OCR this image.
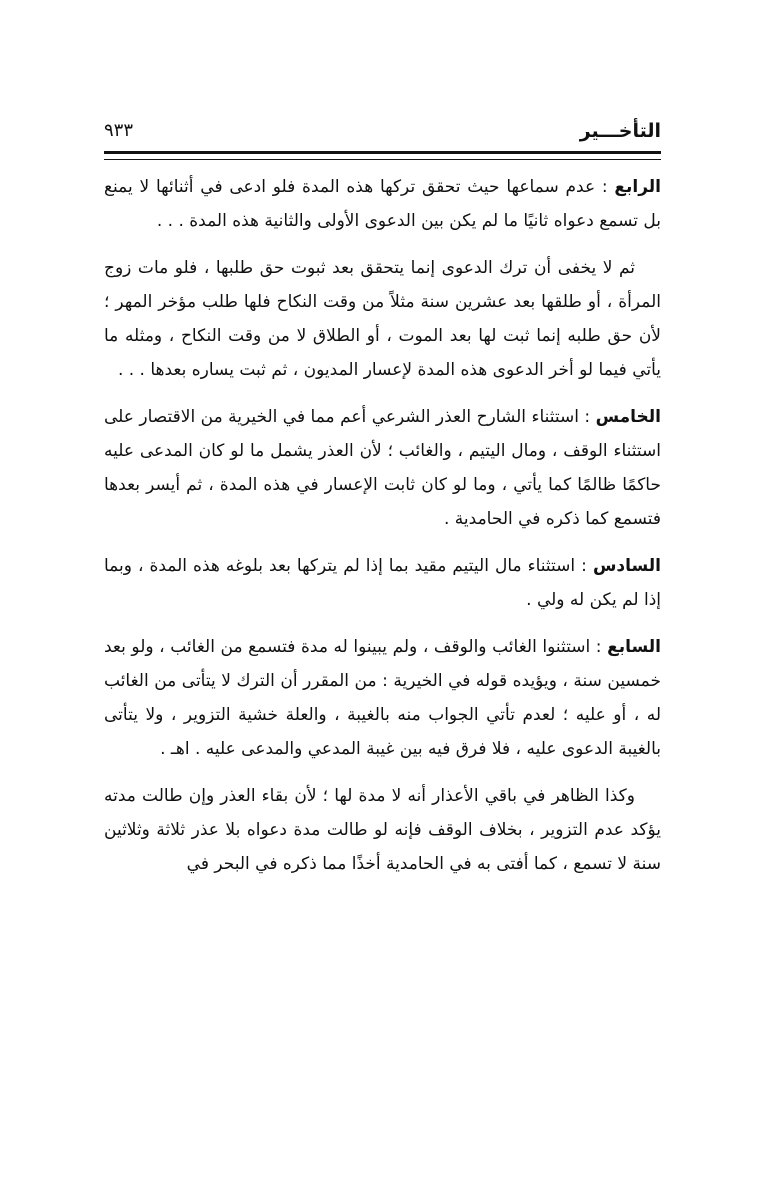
التأخـــير
٩٣٣

الرابع : عدم سماعها حيث تحقق تركها هذه المدة فلو ادعى في أثنائها لا يمنع بل تسمع دعواه ثانيًا ما لم يكن بين الدعوى الأولى والثانية هذه المدة . . .

ثم لا يخفى أن ترك الدعوى إنما يتحقق بعد ثبوت حق طلبها ، فلو مات زوج المرأة ، أو طلقها بعد عشرين سنة مثلاً من وقت النكاح فلها طلب مؤخر المهر ؛ لأن حق طلبه إنما ثبت لها بعد الموت ، أو الطلاق لا من وقت النكاح ، ومثله ما يأتي فيما لو أخر الدعوى هذه المدة لإعسار المديون ، ثم ثبت يساره بعدها . . .

الخامس : استثناء الشارح العذر الشرعي أعم مما في الخيرية من الاقتصار على استثناء الوقف ، ومال اليتيم ، والغائب ؛ لأن العذر يشمل ما لو كان المدعى عليه حاكمًا ظالمًا كما يأتي ، وما لو كان ثابت الإعسار في هذه المدة ، ثم أيسر بعدها فتسمع كما ذكره في الحامدية .

السادس : استثناء مال اليتيم مقيد بما إذا لم يتركها بعد بلوغه هذه المدة ، وبما إذا لم يكن له ولي .

السابع : استثنوا الغائب والوقف ، ولم يبينوا له مدة فتسمع من الغائب ، ولو بعد خمسين سنة ، ويؤيده قوله في الخيرية : من المقرر أن الترك لا يتأتى من الغائب له ، أو عليه ؛ لعدم تأتي الجواب منه بالغيبة ، والعلة خشية التزوير ، ولا يتأتى بالغيبة الدعوى عليه ، فلا فرق فيه بين غيبة المدعي والمدعى عليه . اهـ .

وكذا الظاهر في باقي الأعذار أنه لا مدة لها ؛ لأن بقاء العذر وإن طالت مدته يؤكد عدم التزوير ، بخلاف الوقف فإنه لو طالت مدة دعواه بلا عذر ثلاثة وثلاثين سنة لا تسمع ، كما أفتى به في الحامدية أخذًا مما ذكره في البحر في
